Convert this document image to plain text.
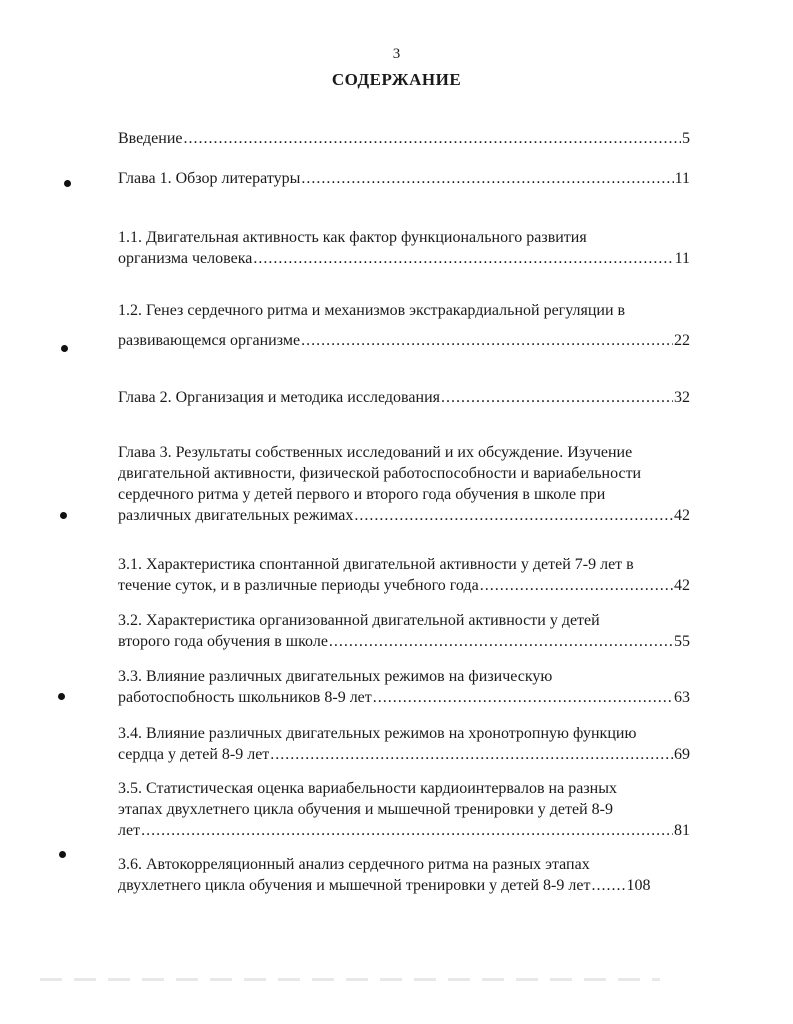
3
СОДЕРЖАНИЕ
Введение .....	5
Глава 1. Обзор литературы .....	11
1.1. Двигательная активность как фактор функционального развития
организма человека .....	11
1.2. Генез сердечного ритма и механизмов экстракардиальной регуляции в
развивающемся организме .....	22
Глава 2. Организация и методика исследования .....	32
Глава 3. Результаты собственных исследований и их обсуждение. Изучение
двигательной активности, физической работоспособности и вариабельности
сердечного ритма у детей первого и второго года обучения в школе при
различных двигательных режимах .....	42
3.1. Характеристика спонтанной двигательной активности у детей 7-9 лет в
течение суток, и в различные периоды учебного года .....	42
3.2. Характеристика организованной двигательной активности у детей
второго года обучения в школе .....	55
3.3. Влияние различных двигательных режимов на физическую
работоспобность школьников 8-9 лет .....	63
3.4. Влияние различных двигательных режимов на хронотропную функцию
сердца у детей 8-9 лет .....	69
3.5. Статистическая оценка вариабельности кардиоинтервалов на разных
этапах двухлетнего цикла обучения и мышечной тренировки у детей 8-9
лет .....	81
3.6. Автокорреляционный анализ сердечного ритма на разных этапах
двухлетнего цикла обучения и мышечной тренировки у детей 8-9 лет ..... 108
